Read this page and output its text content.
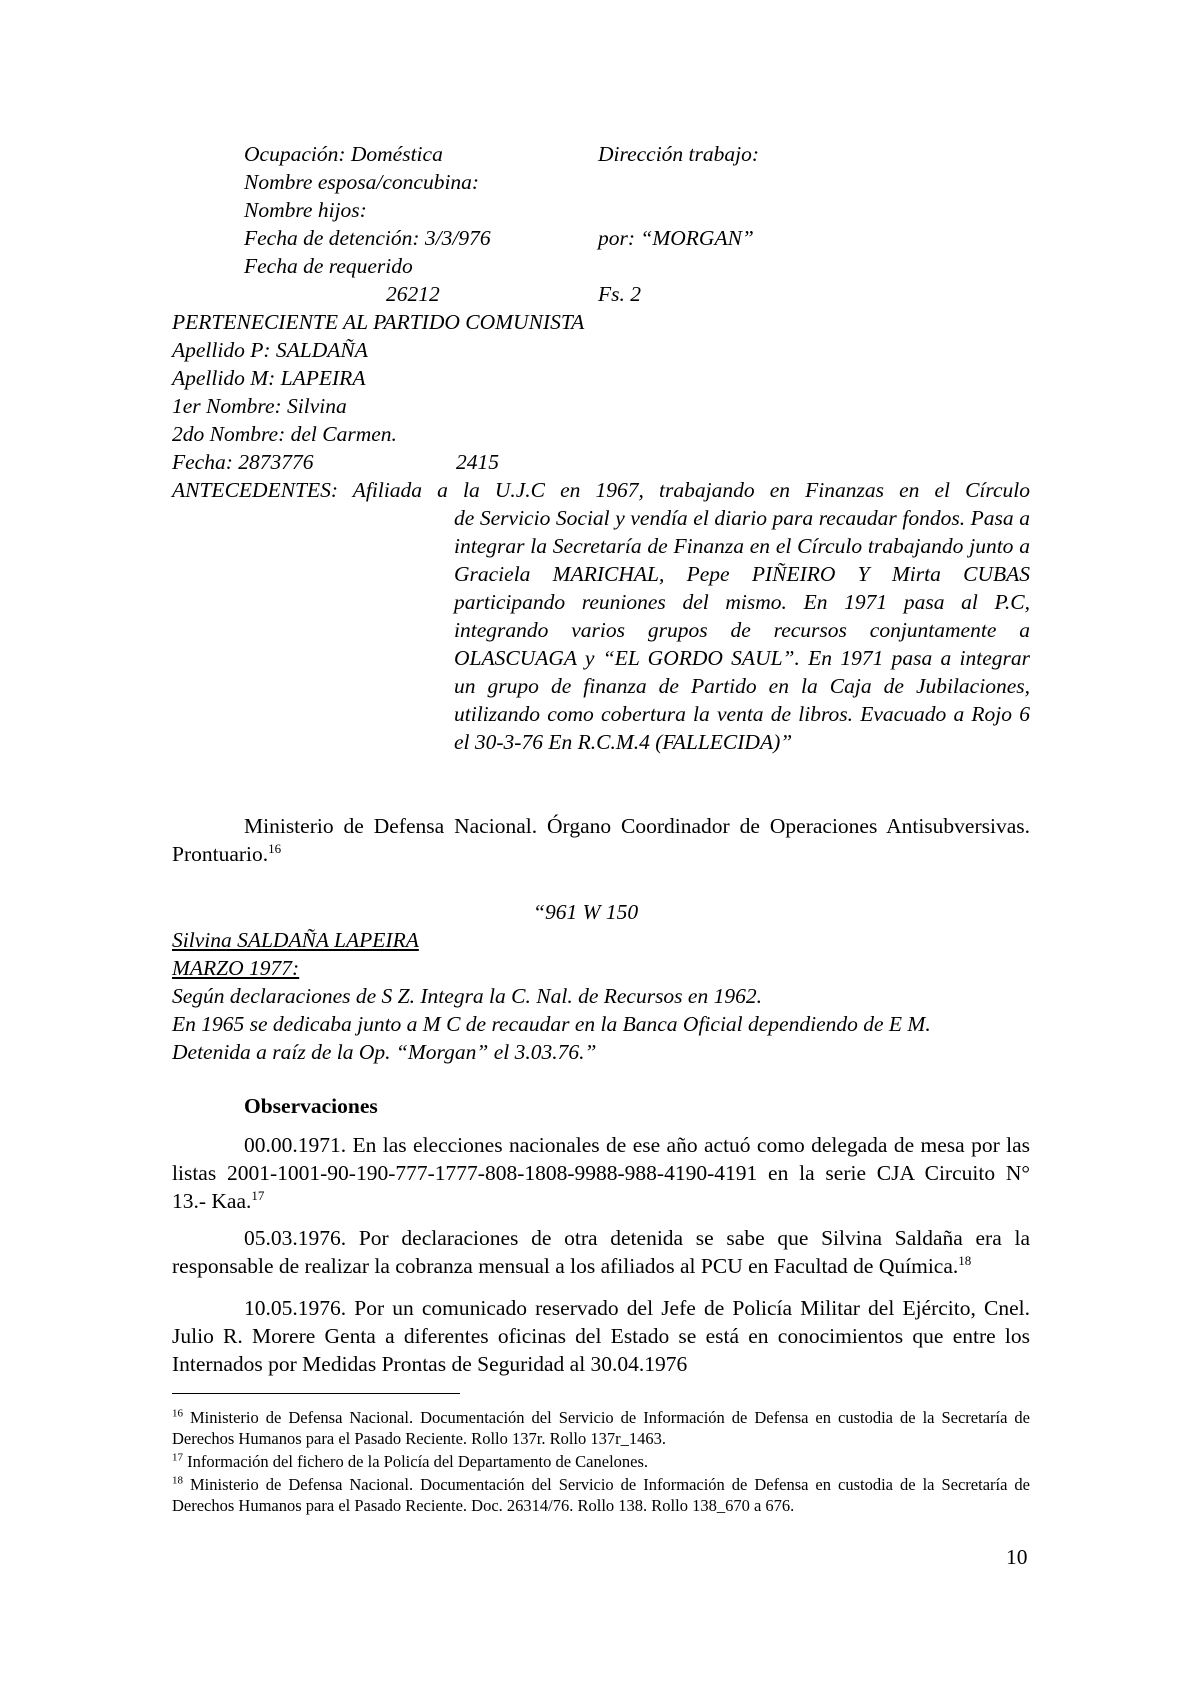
Ocupación: Doméstica	Dirección trabajo:
Nombre esposa/concubina:
Nombre hijos:
Fecha de detención: 3/3/976	por: “MORGAN”
Fecha de requerido
26212	Fs. 2
PERTENECIENTE AL PARTIDO COMUNISTA
Apellido P: SALDAÑA
Apellido M: LAPEIRA
1er Nombre: Silvina
2do Nombre: del Carmen.
Fecha: 2873776	2415
ANTECEDENTES: Afiliada a la U.J.C en 1967, trabajando en Finanzas en el Círculo
de Servicio Social y vendía el diario para recaudar fondos. Pasa a integrar la Secretaría de Finanza en el Círculo trabajando junto a Graciela MARICHAL, Pepe PIÑEIRO Y Mirta CUBAS participando reuniones del mismo. En 1971 pasa al P.C, integrando varios grupos de recursos conjuntamente a OLASCUAGA y “EL GORDO SAUL”. En 1971 pasa a integrar un grupo de finanza de Partido en la Caja de Jubilaciones, utilizando como cobertura la venta de libros. Evacuado a Rojo 6 el 30-3-76 En R.C.M.4 (FALLECIDA)”
Ministerio de Defensa Nacional. Órgano Coordinador de Operaciones Antisubversivas. Prontuario.$^{16}$
“961 W 150
Silvina SALDAÑA LAPEIRA
MARZO 1977:
Según declaraciones de S Z. Integra la C. Nal. de Recursos en 1962.
En 1965 se dedicaba junto a M C de recaudar en la Banca Oficial dependiendo de E M.
Detenida a raíz de la Op. “Morgan” el 3.03.76.”
Observaciones
00.00.1971. En las elecciones nacionales de ese año actuó como delegada de mesa por las listas 2001-1001-90-190-777-1777-808-1808-9988-988-4190-4191 en la serie CJA Circuito N° 13.- Kaa.$^{17}$
05.03.1976. Por declaraciones de otra detenida se sabe que Silvina Saldaña era la responsable de realizar la cobranza mensual a los afiliados al PCU en Facultad de Química.$^{18}$
10.05.1976. Por un comunicado reservado del Jefe de Policía Militar del Ejército, Cnel. Julio R. Morere Genta a diferentes oficinas del Estado se está en conocimientos que entre los Internados por Medidas Prontas de Seguridad al 30.04.1976
$^{16}$ Ministerio de Defensa Nacional. Documentación del Servicio de Información de Defensa en custodia de la Secretaría de Derechos Humanos para el Pasado Reciente. Rollo 137r. Rollo 137r_1463.
$^{17}$ Información del fichero de la Policía del Departamento de Canelones.
$^{18}$ Ministerio de Defensa Nacional. Documentación del Servicio de Información de Defensa en custodia de la Secretaría de Derechos Humanos para el Pasado Reciente. Doc. 26314/76. Rollo 138. Rollo 138_670 a 676.
10
